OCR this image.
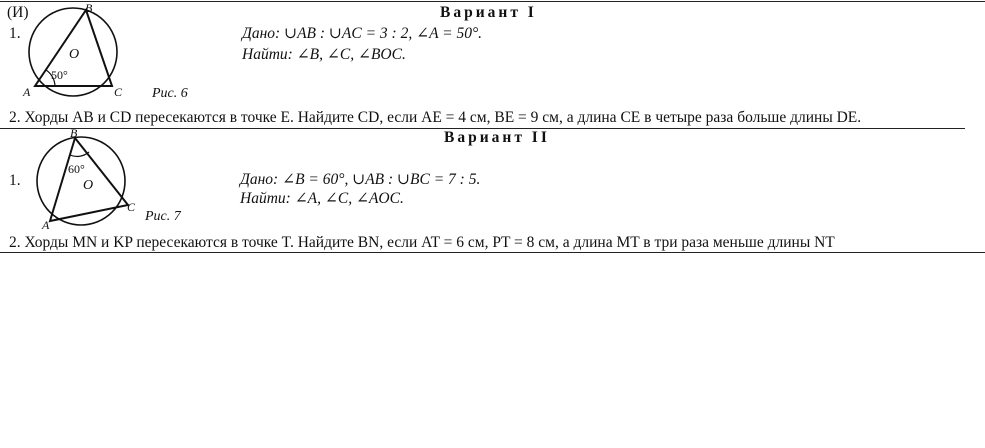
(И)	Вариант I
1.
50°
O
A
B
C Рис. 6
Дано: ∪AB : ∪AC = 3 : 2, ∠A = 50°.
Найти: ∠B, ∠C, ∠BOC.
2. Хорды AB и CD пересекаются в точке E. Найдите CD, если AE = 4 см, BE = 9 см, а длина CE в четыре раза больше длины DE.
Вариант II
60°
O
A
B
C
1.
Рис. 7
Дано: ∠B = 60°, ∪AB : ∪BC = 7 : 5.
Найти: ∠A, ∠C, ∠AOC.
2. Хорды MN и KP пересекаются в точке T. Найдите BN, если AT = 6 см, PT = 8 см, а длина MT в три раза меньше длины NT
